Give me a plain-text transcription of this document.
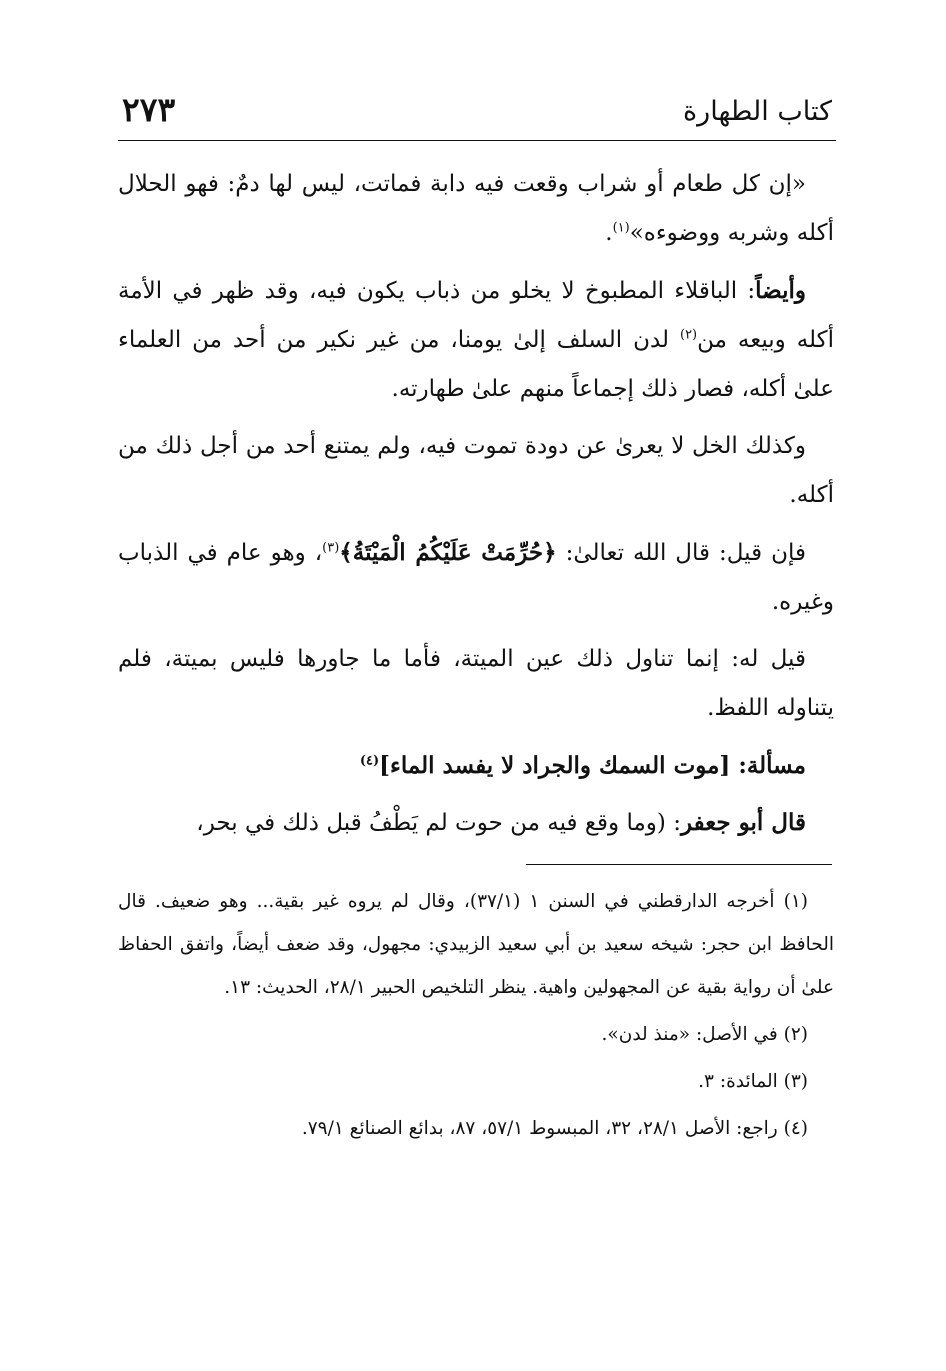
كتاب الطهارة
٢٧٣

«إن كل طعام أو شراب وقعت فيه دابة فماتت، ليس لها دمٌ: فهو الحلال أكله وشربه ووضوءه»$^{(١)}$.

وأيضاً: الباقلاء المطبوخ لا يخلو من ذباب يكون فيه، وقد ظهر في الأمة أكله وبيعه من$^{(٢)}$ لدن السلف إلىٰ يومنا، من غير نكير من أحد من العلماء علىٰ أكله، فصار ذلك إجماعاً منهم علىٰ طهارته.

وكذلك الخل لا يعرىٰ عن دودة تموت فيه، ولم يمتنع أحد من أجل ذلك من أكله.

فإن قيل: قال الله تعالىٰ: ﴿حُرِّمَتْ عَلَيْكُمُ الْمَيْتَةُ﴾$^{(٣)}$، وهو عام في الذباب وغيره.

قيل له: إنما تناول ذلك عين الميتة، فأما ما جاورها فليس بميتة، فلم يتناوله اللفظ.

مسألة: [موت السمك والجراد لا يفسد الماء]$^{(٤)}$

قال أبو جعفر: (وما وقع فيه من حوت لم يَطْفُ قبل ذلك في بحر،

(١) أخرجه الدارقطني في السنن ١ (٣٧/١)، وقال لم يروه غير بقية... وهو ضعيف. قال الحافظ ابن حجر: شيخه سعيد بن أبي سعيد الزبيدي: مجهول، وقد ضعف أيضاً، واتفق الحفاظ علىٰ أن رواية بقية عن المجهولين واهية. ينظر التلخيص الحبير ٢٨/١، الحديث: ١٣.

(٢) في الأصل: «منذ لدن».

(٣) المائدة: ٣.

(٤) راجع: الأصل ٢٨/١، ٣٢، المبسوط ٥٧/١، ٨٧، بدائع الصنائع ٧٩/١.
